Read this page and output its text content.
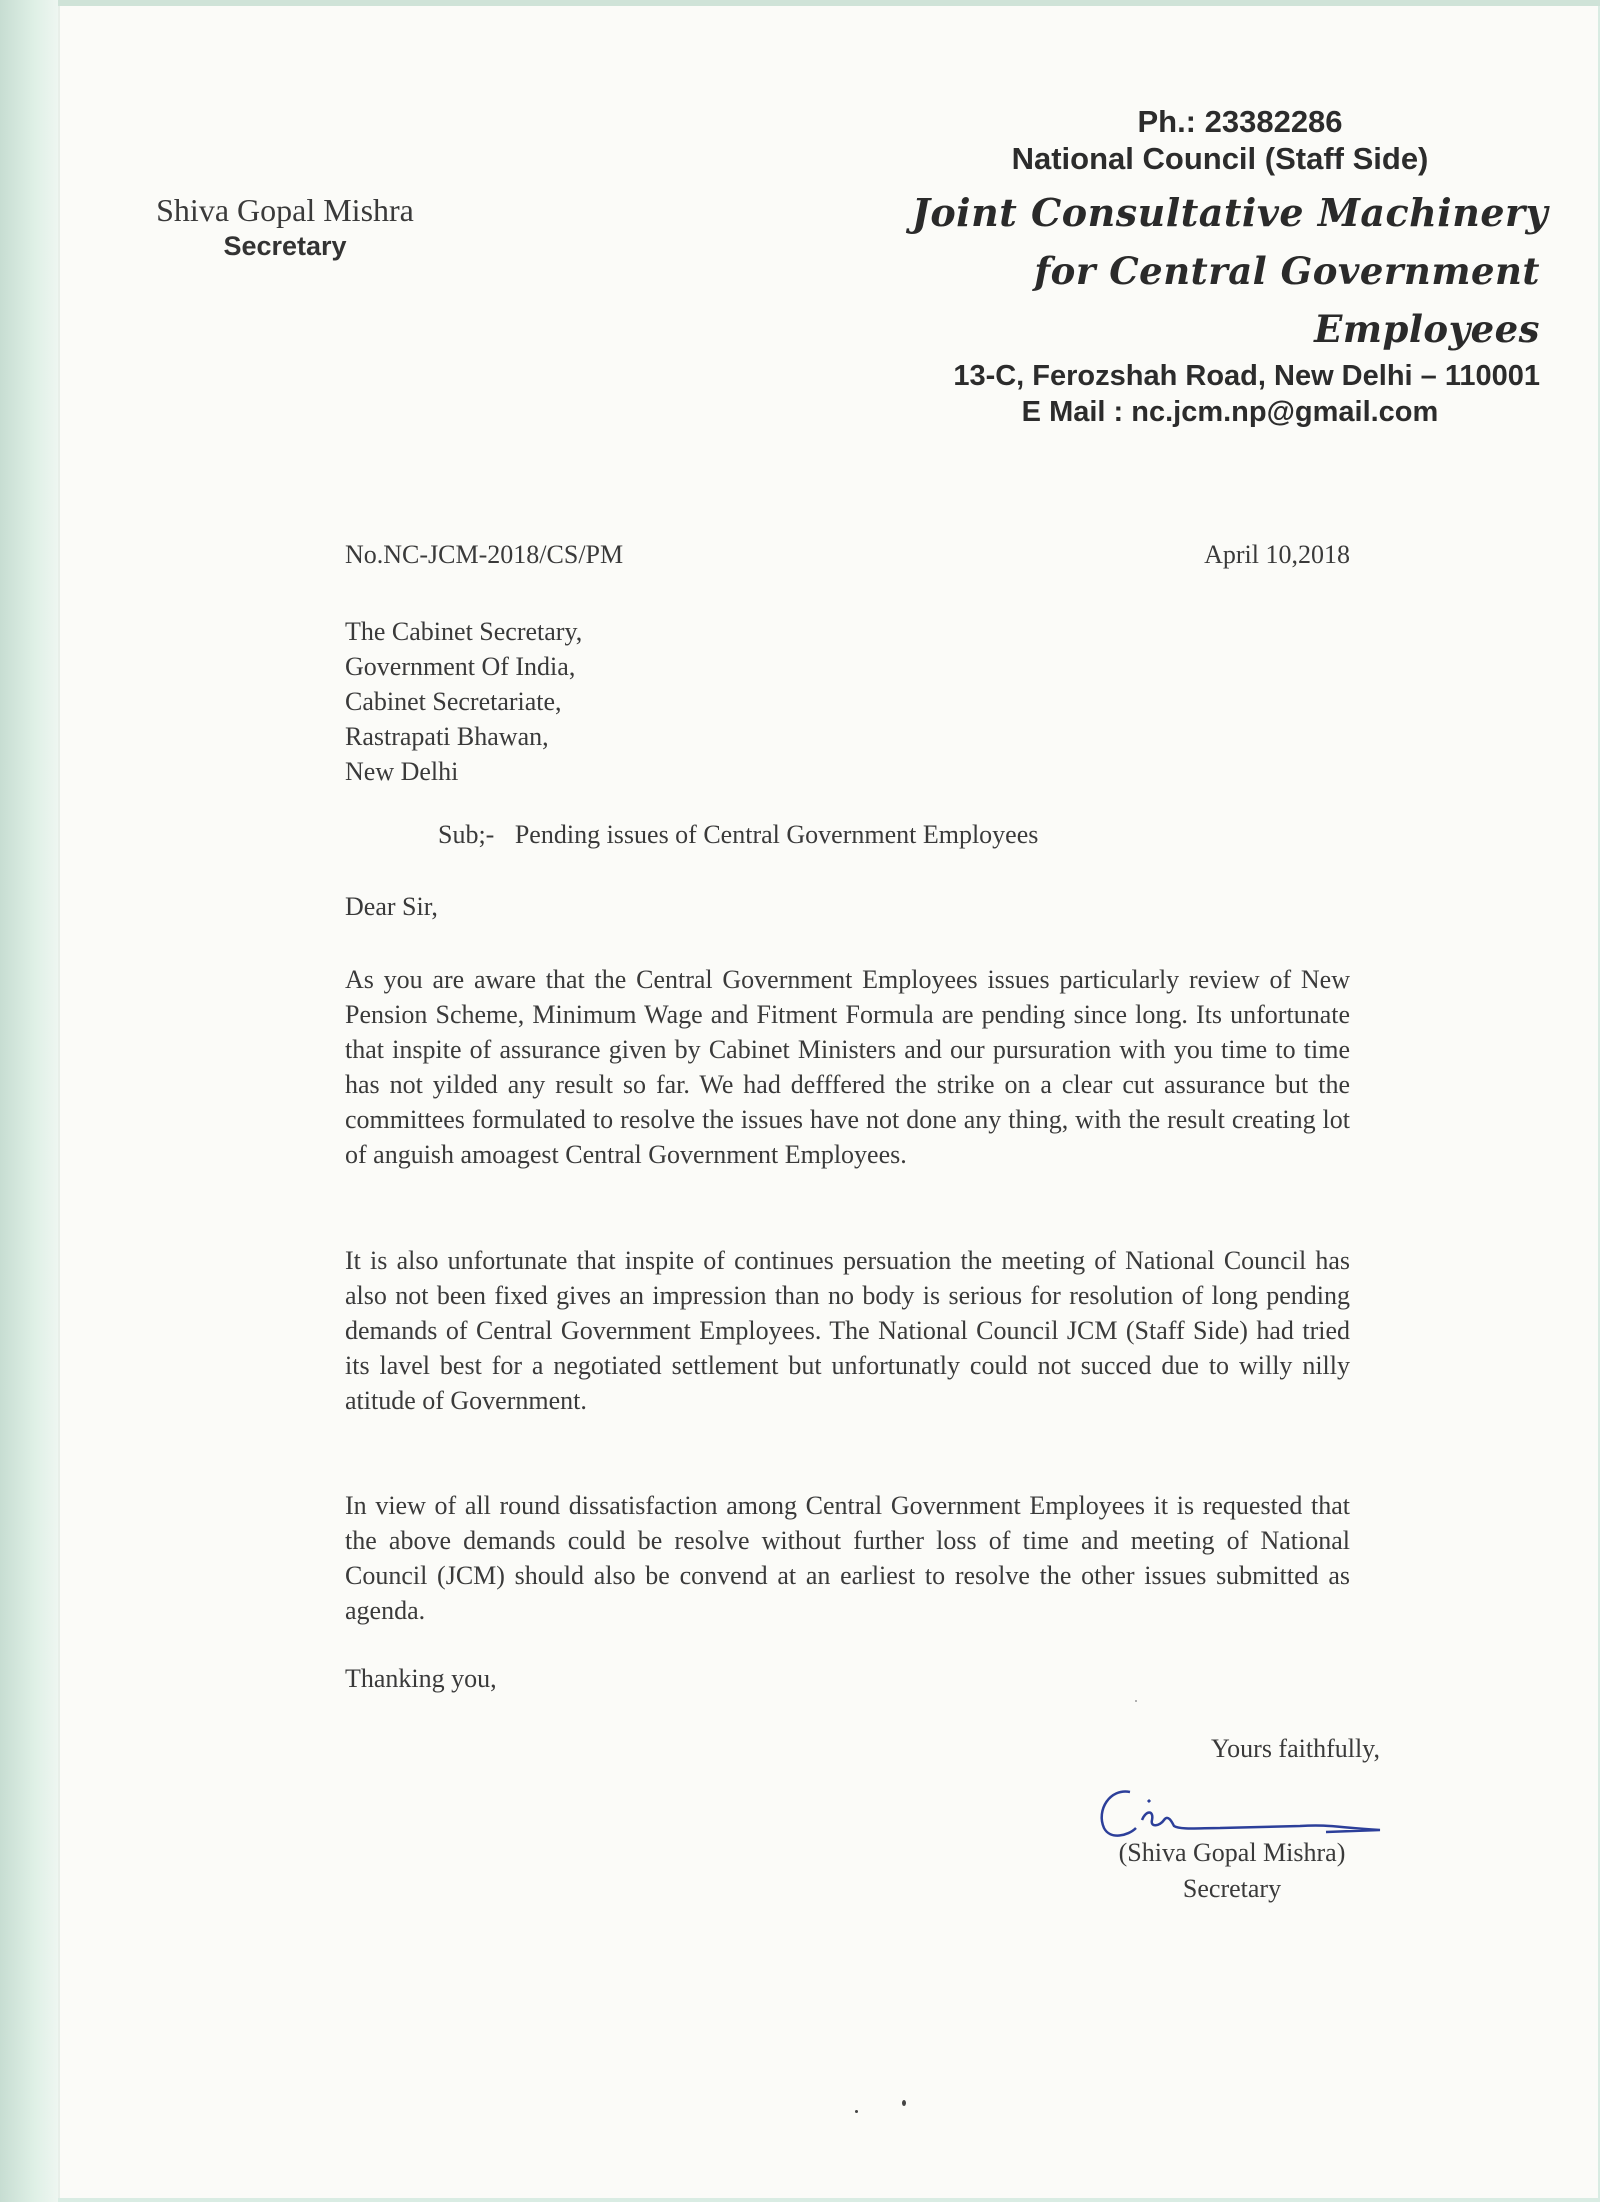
Shiva Gopal Mishra
Secretary
Ph.: 23382286
National Council (Staff Side)
Joint Consultative Machinery
for Central Government Employees
13-C, Ferozshah Road, New Delhi – 110001
E Mail : nc.jcm.np@gmail.com
No.NC-JCM-2018/CS/PM	April 10,2018
The Cabinet Secretary,
Government Of India,
Cabinet Secretariate,
Rastrapati Bhawan,
New Delhi
Sub;- Pending issues of Central Government Employees
Dear Sir,
As you are aware that the Central Government Employees issues particularly review of New Pension Scheme, Minimum Wage and Fitment Formula are pending since long. Its unfortunate that inspite of assurance given by Cabinet Ministers and our pursuration with you time to time has not yilded any result so far. We had defffered the strike on a clear cut assurance but the committees formulated to resolve the issues have not done any thing, with the result creating lot of anguish amoagest Central Government Employees.
It is also unfortunate that inspite of continues persuation the meeting of National Council has also not been fixed gives an impression than no body is serious for resolution of long pending demands of Central Government Employees. The National Council JCM (Staff Side) had tried its lavel best for a negotiated settlement but unfortunatly could not succed due to willy nilly atitude of Government.
In view of all round dissatisfaction among Central Government Employees it is requested that the above demands could be resolve without further loss of time and meeting of National Council (JCM) should also be convend at an earliest to resolve the other issues submitted as agenda.
Thanking you,
Yours faithfully,
(Shiva Gopal Mishra)
Secretary
